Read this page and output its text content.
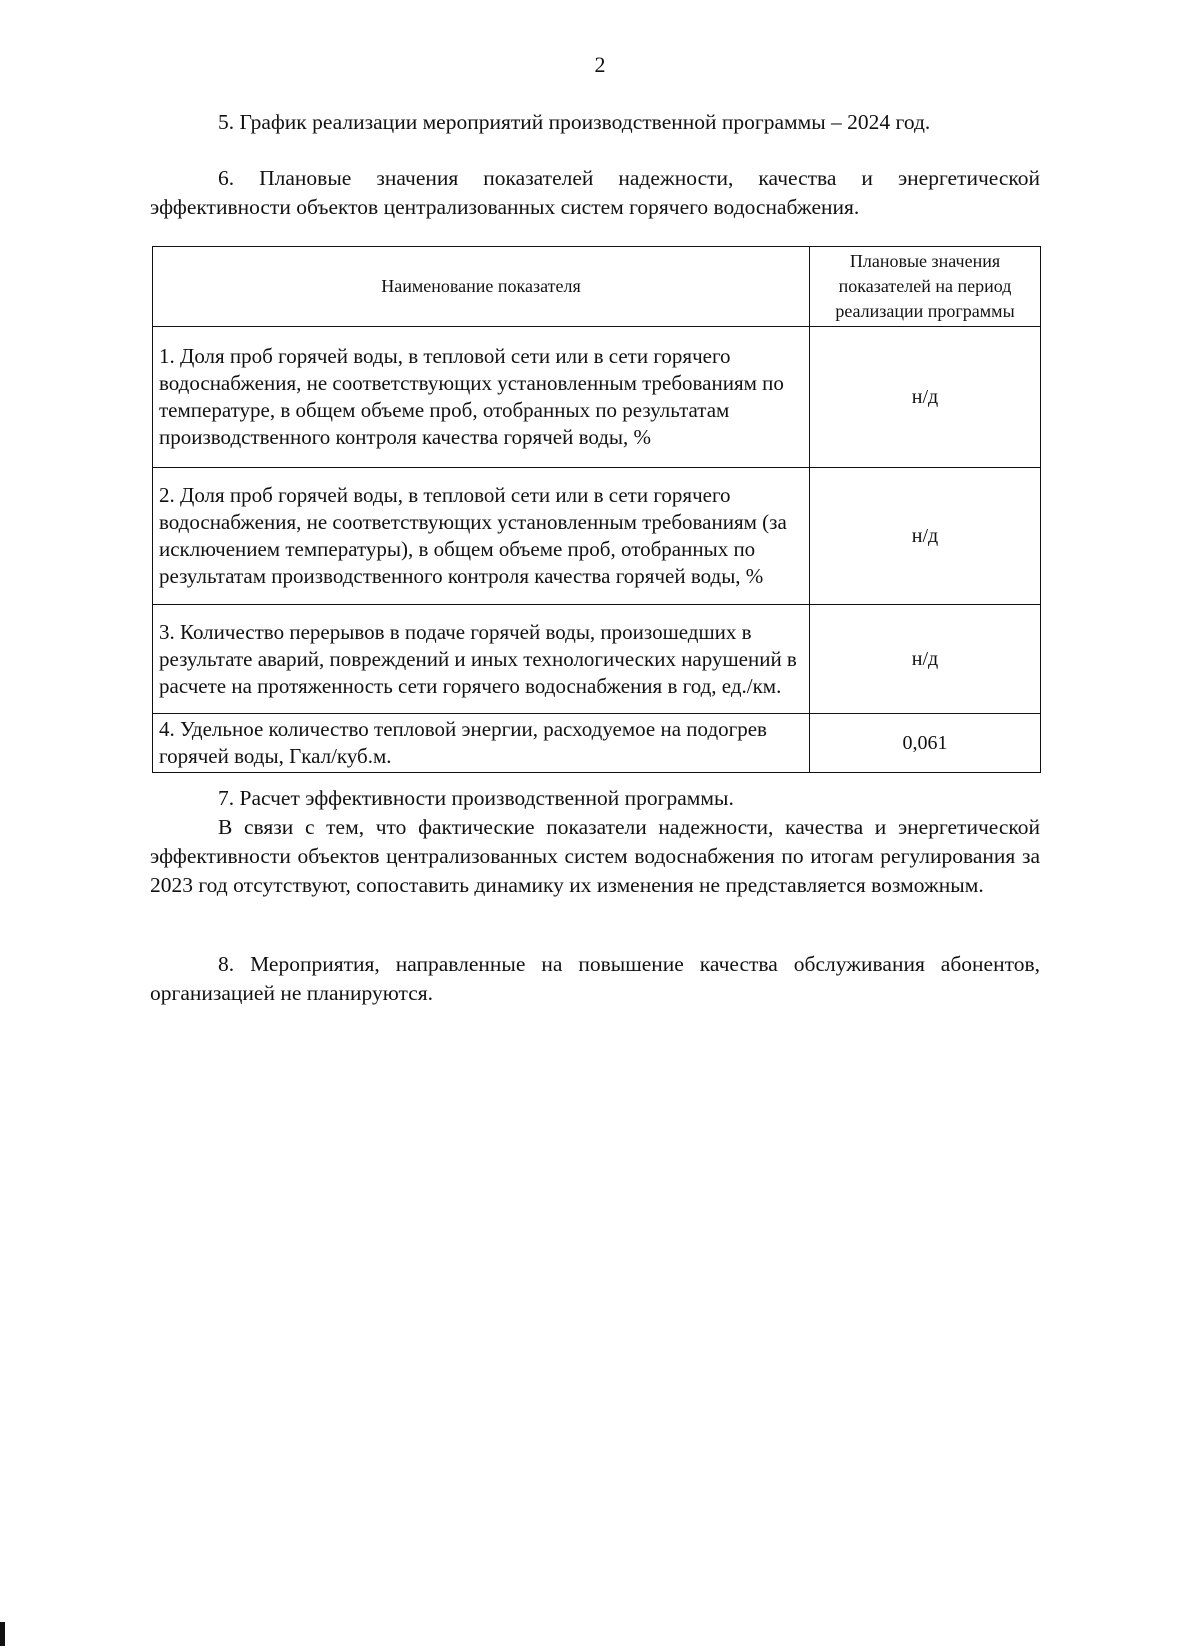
2
5. График реализации мероприятий производственной программы – 2024 год.
6. Плановые значения показателей надежности, качества и энергетической эффективности объектов централизованных систем горячего водоснабжения.
Наименование показателя	Плановые значения показателей на период реализации программы
1. Доля проб горячей воды, в тепловой сети или в сети горячего водоснабжения, не соответствующих установленным требованиям по температуре, в общем объеме проб, отобранных по результатам производственного контроля качества горячей воды, %	н/д
2. Доля проб горячей воды, в тепловой сети или в сети горячего водоснабжения, не соответствующих установленным требованиям (за исключением температуры), в общем объеме проб, отобранных по результатам производственного контроля качества горячей воды, %	н/д
3. Количество перерывов в подаче горячей воды, произошедших в результате аварий, повреждений и иных технологических нарушений в расчете на протяженность сети горячего водоснабжения в год, ед./км.	н/д
4. Удельное количество тепловой энергии, расходуемое на подогрев горячей воды, Гкал/куб.м.	0,061
7. Расчет эффективности производственной программы.
В связи с тем, что фактические показатели надежности, качества и энергетической эффективности объектов централизованных систем водоснабжения по итогам регулирования за 2023 год отсутствуют, сопоставить динамику их изменения не представляется возможным.
8. Мероприятия, направленные на повышение качества обслуживания абонентов, организацией не планируются.
